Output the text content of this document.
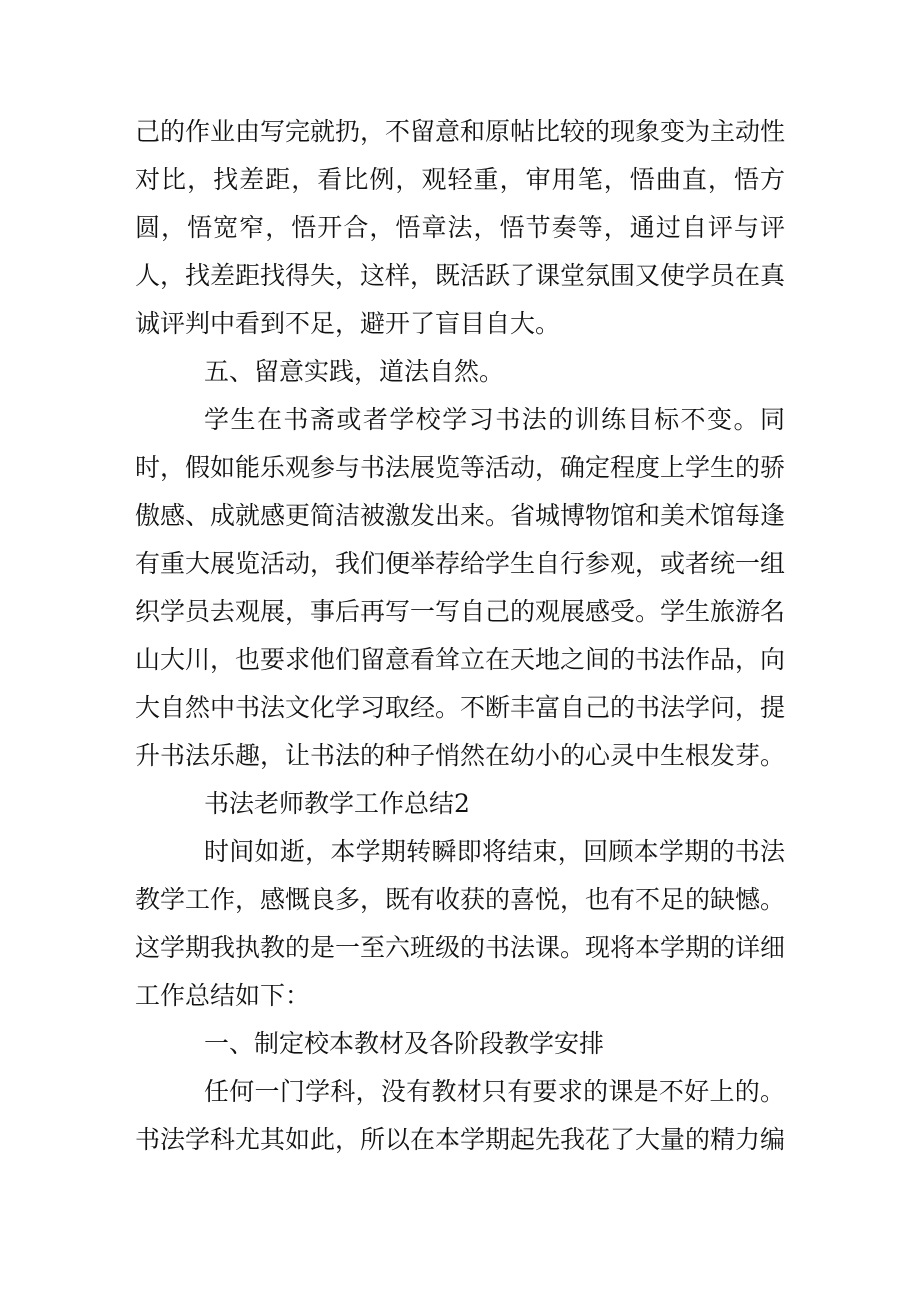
己的作业由写完就扔，不留意和原帖比较的现象变为主动性
对比，找差距，看比例，观轻重，审用笔，悟曲直，悟方
圆，悟宽窄，悟开合，悟章法，悟节奏等，通过自评与评
人，找差距找得失，这样，既活跃了课堂氛围又使学员在真
诚评判中看到不足，避开了盲目自大。
五、留意实践，道法自然。
学生在书斋或者学校学习书法的训练目标不变。同
时，假如能乐观参与书法展览等活动，确定程度上学生的骄
傲感、成就感更简洁被激发出来。省城博物馆和美术馆每逢
有重大展览活动，我们便举荐给学生自行参观，或者统一组
织学员去观展，事后再写一写自己的观展感受。学生旅游名
山大川，也要求他们留意看耸立在天地之间的书法作品，向
大自然中书法文化学习取经。不断丰富自己的书法学问，提
升书法乐趣，让书法的种子悄然在幼小的心灵中生根发芽。
书法老师教学工作总结2
时间如逝，本学期转瞬即将结束，回顾本学期的书法
教学工作，感慨良多，既有收获的喜悦，也有不足的缺憾。
这学期我执教的是一至六班级的书法课。现将本学期的详细
工作总结如下：
一、制定校本教材及各阶段教学安排
任何一门学科，没有教材只有要求的课是不好上的。
书法学科尤其如此，所以在本学期起先我花了大量的精力编
